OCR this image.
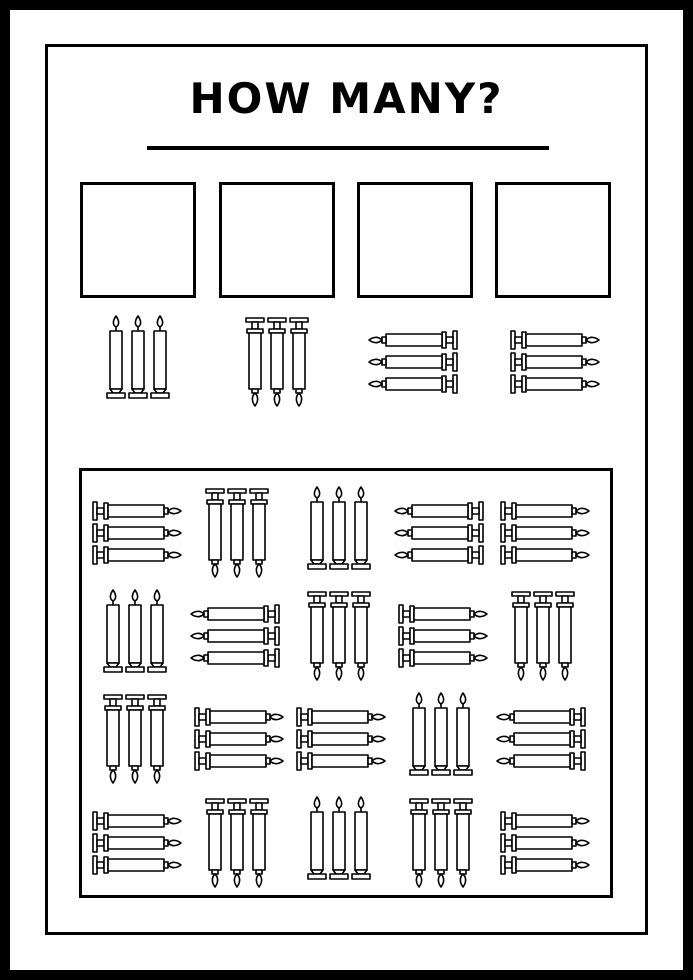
HOW MANY?
